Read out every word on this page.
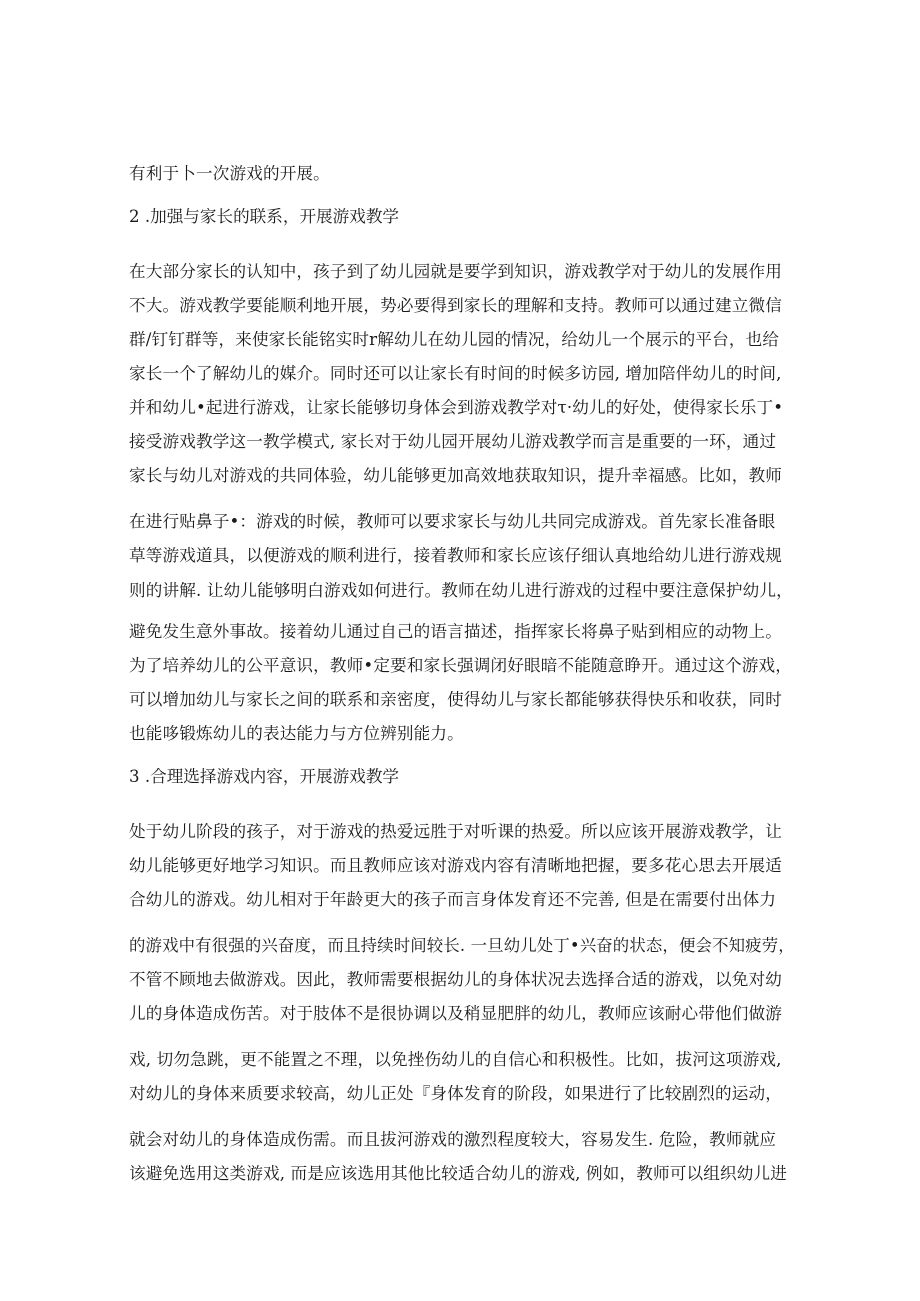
有利于卜一次游戏的开展。
2 .加强与家长的联系，开展游戏教学
在大部分家长的认知中，孩子到了幼儿园就是要学到知识，游戏教学对于幼儿的发展作用
不大。游戏教学要能顺利地开展，势必要得到家长的理解和支持。教师可以通过建立微信
群/钉钉群等，来使家长能铭实时r解幼儿在幼儿园的情况，给幼儿一个展示的平台，也给
家长一个了解幼儿的媒介。同时还可以让家长有时间的时候多访园, 增加陪伴幼儿的时间,
并和幼儿•起进行游戏，让家长能够切身体会到游戏教学对τ·幼儿的好处，使得家长乐丁•
接受游戏教学这一教学模式, 家长对于幼儿园开展幼儿游戏教学而言是重要的一环，通过
家长与幼儿对游戏的共同体验，幼儿能够更加高效地获取知识，提升幸福感。比如，教师
在进行贴鼻子•：游戏的时候，教师可以要求家长与幼儿共同完成游戏。首先家长准备眼
草等游戏道具，以便游戏的顺利进行，接着教师和家长应该仔细认真地给幼儿进行游戏规
则的讲解. 让幼儿能够明白游戏如何进行。教师在幼儿进行游戏的过程中要注意保护幼儿，
避免发生意外事故。接着幼儿通过自己的语言描述，指挥家长将鼻子贴到相应的动物上。
为了培养幼儿的公平意识，教师•定要和家长强调闭好眼暗不能随意睁开。通过这个游戏，
可以增加幼儿与家长之间的联系和亲密度，使得幼儿与家长都能够获得快乐和收获，同时
也能哆锻炼幼儿的表达能力与方位辨别能力。
3 .合理选择游戏内容，开展游戏教学
处于幼儿阶段的孩子，对于游戏的热爱远胜于对听课的热爱。所以应该开展游戏教学，让
幼儿能够更好地学习知识。而且教师应该对游戏内容有清晰地把握，要多花心思去开展适
合幼儿的游戏。幼儿相对于年龄更大的孩子而言身体发育还不完善, 但是在需要付出体力
的游戏中有很强的兴奋度，而且持续时间较长. 一旦幼儿处丁•兴奋的状态，便会不知疲劳，
不管不顾地去做游戏。因此，教师需要根据幼儿的身体状况去选择合适的游戏，以免对幼
儿的身体造成伤苦。对于肢体不是很协调以及稍显肥胖的幼儿，教师应该耐心带他们做游
戏, 切勿急跳，更不能置之不理，以免挫伤幼儿的自信心和积极性。比如，拔河这项游戏,
对幼儿的身体来质要求较高，幼儿正处『身体发育的阶段，如果进行了比较剧烈的运动，
就会对幼儿的身体造成伤需。而且拔河游戏的激烈程度较大，容易发生. 危险，教师就应
该避免选用这类游戏, 而是应该选用其他比较适合幼儿的游戏, 例如，教师可以组织幼儿进
